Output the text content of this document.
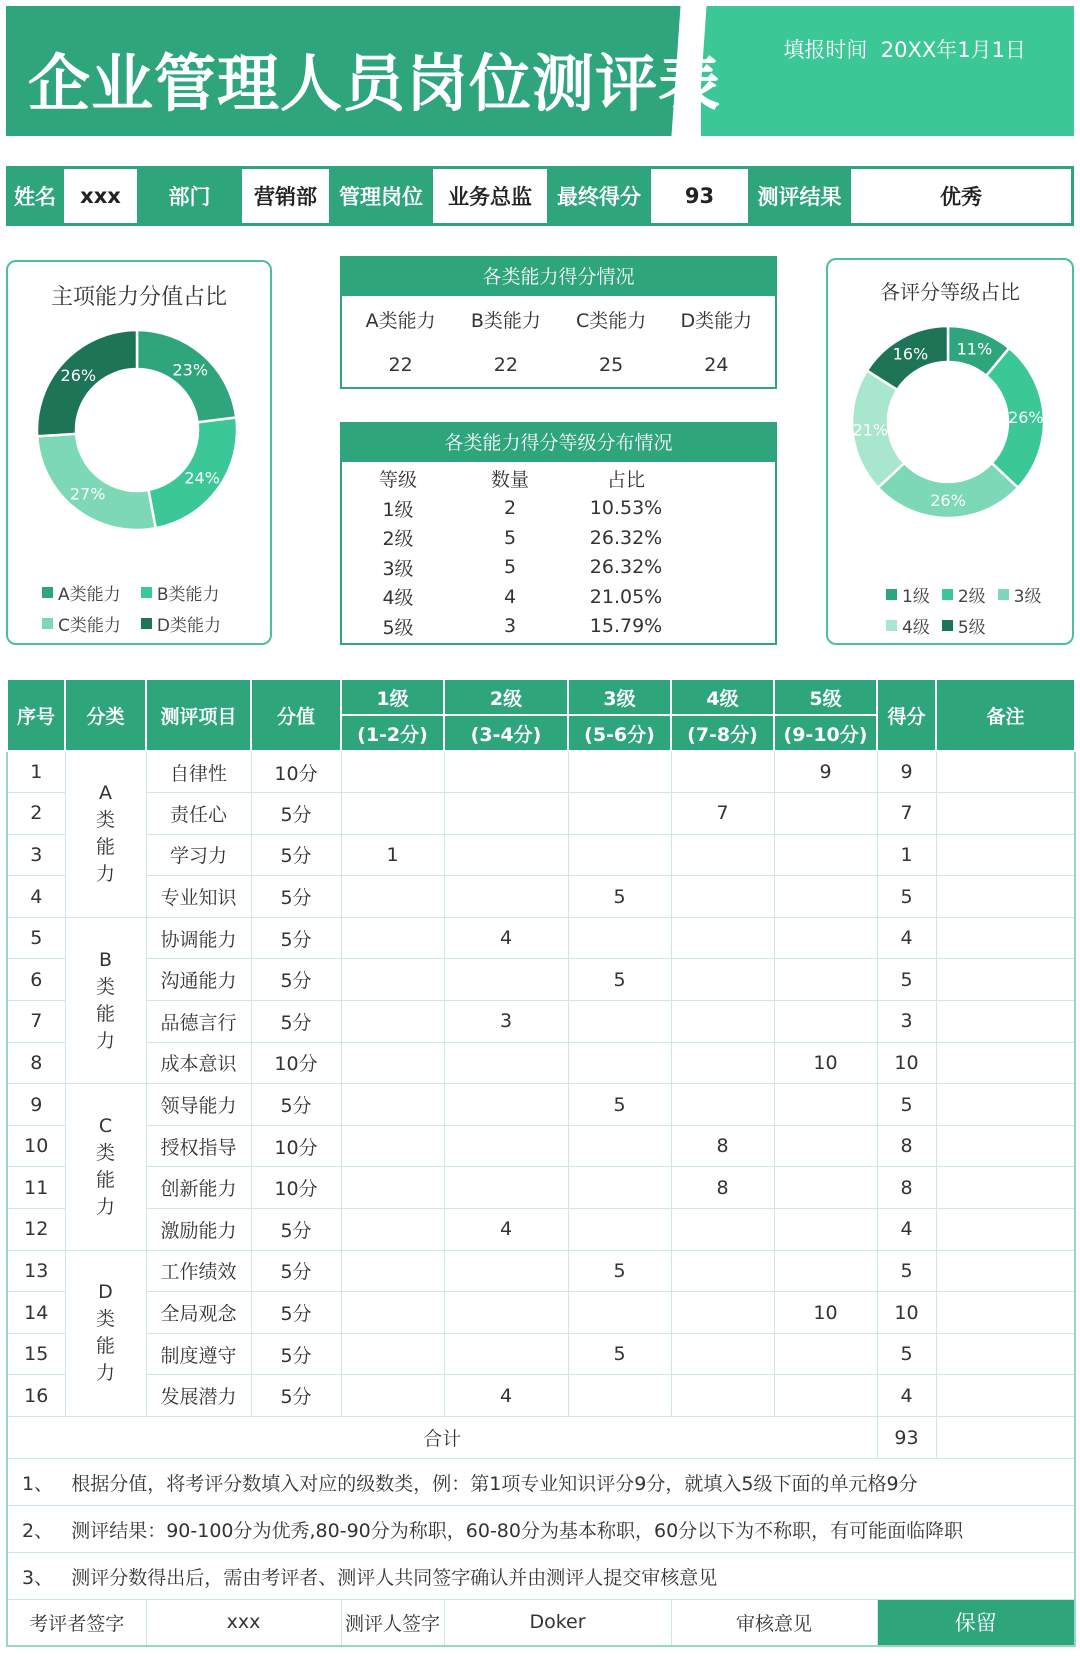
企业管理人员岗位测评表	填报时间 20XX年1月1日
姓名	xxx	部门	营销部	管理岗位	业务总监	最终得分	93	测评结果	优秀
主项能力分值占比
23%
24%
27%
26%
A类能力 B类能力
C类能力 D类能力
各类能力得分情况
A类能力	B类能力	C类能力	D类能力
22	22	25	24
各类能力得分等级分布情况
等级	数量	占比
1级	2	10.53%
2级	5	26.32%
3级	5	26.32%
4级	4	21.05%
5级	3	15.79%
各评分等级占比
11%
26%
26%
21%
16%
1级 2级 3级
4级 5级
序号	分类	测评项目	分值	1级	2级	3级	4级	5级	得分	备注
				(1-2分)	(3-4分)	(5-6分)	(7-8分)	(9-10分)		
1	A类能力	自律性	10分					9	9	
2		责任心	5分				7		7	
3		学习力	5分	1					1	
4		专业知识	5分			5			5	
5	B类能力	协调能力	5分		4				4	
6		沟通能力	5分			5			5	
7		品德言行	5分		3				3	
8		成本意识	10分					10	10	
9	C类能力	领导能力	5分			5			5	
10		授权指导	10分				8		8	
11		创新能力	10分				8		8	
12		激励能力	5分		4				4	
13	D类能力	工作绩效	5分			5			5	
14		全局观念	5分					10	10	
15		制度遵守	5分			5			5	
16		发展潜力	5分		4				4	
合计									93	
1、 根据分值，将考评分数填入对应的级数类，例：第1项专业知识评分9分，就填入5级下面的单元格9分										
2、 测评结果：90-100分为优秀,80-90分为称职，60-80分为基本称职，60分以下为不称职，有可能面临降职										
3、 测评分数得出后，需由考评者、测评人共同签字确认并由测评人提交审核意见										
考评者签字		xxx		测评人签字	Doker		审核意见		保留	
